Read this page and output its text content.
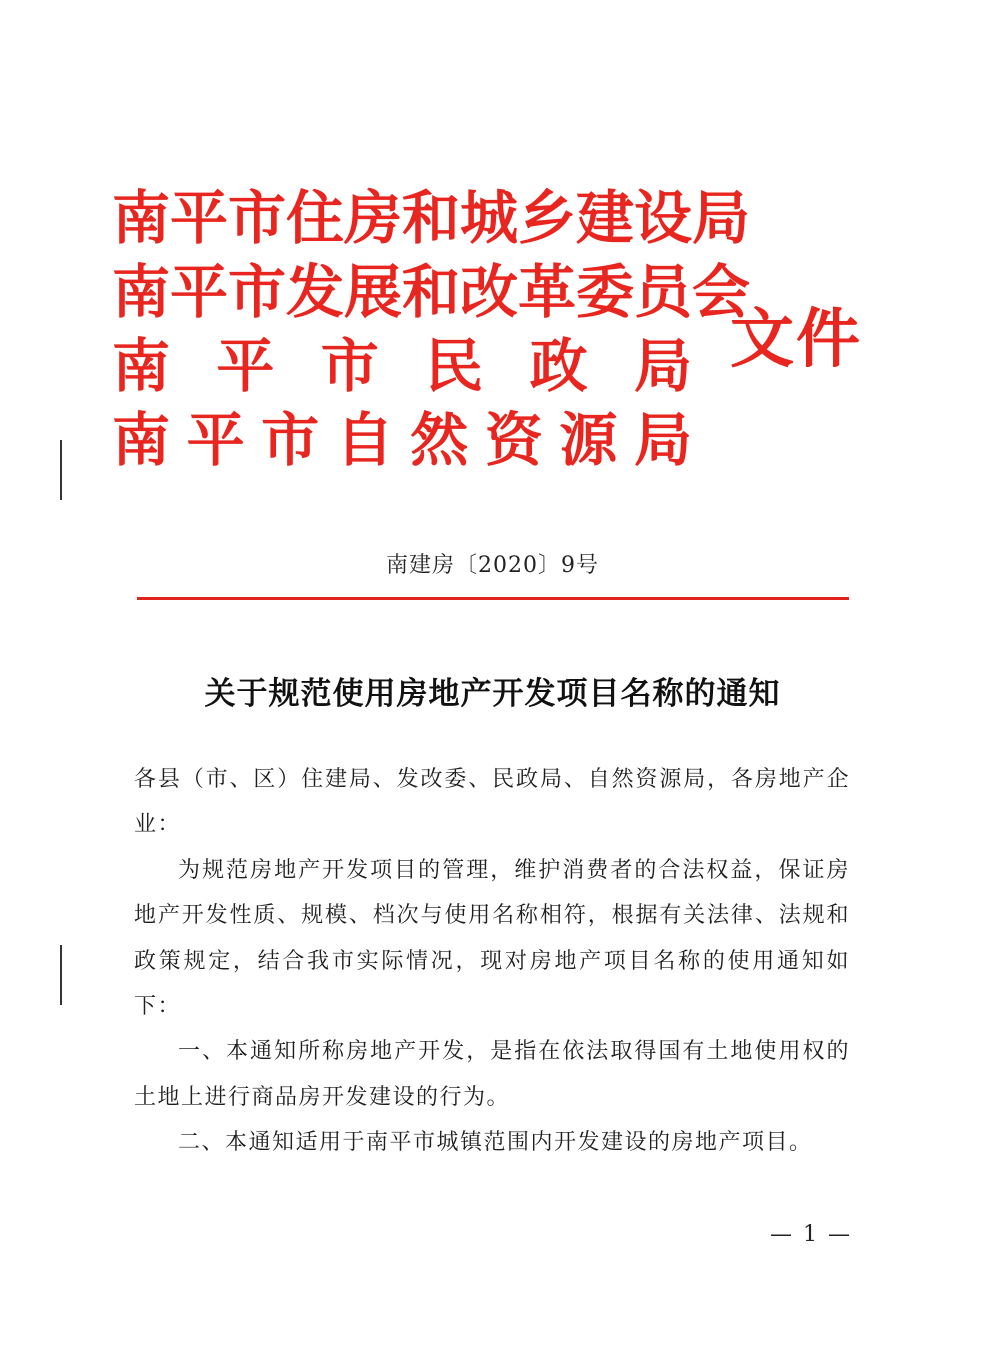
南 平 市 住 房 和 城 乡 建 设 局
南 平 市 发 展 和 改 革 委 员 会
南 平 市 民 政 局
南 平 市 自 然 资 源 局
文件
南建房〔2020〕9号
关于规范使用房地产开发项目名称的通知

各县（市、区）住建局、发改委、民政局、自然资源局，各房地产企业：

为规范房地产开发项目的管理，维护消费者的合法权益，保证房地产开发性质、规模、档次与使用名称相符，根据有关法律、法规和政策规定，结合我市实际情况，现对房地产项目名称的使用通知如下：

一、本通知所称房地产开发，是指在依法取得国有土地使用权的土地上进行商品房开发建设的行为。

二、本通知适用于南平市城镇范围内开发建设的房地产项目。

— 1 —
